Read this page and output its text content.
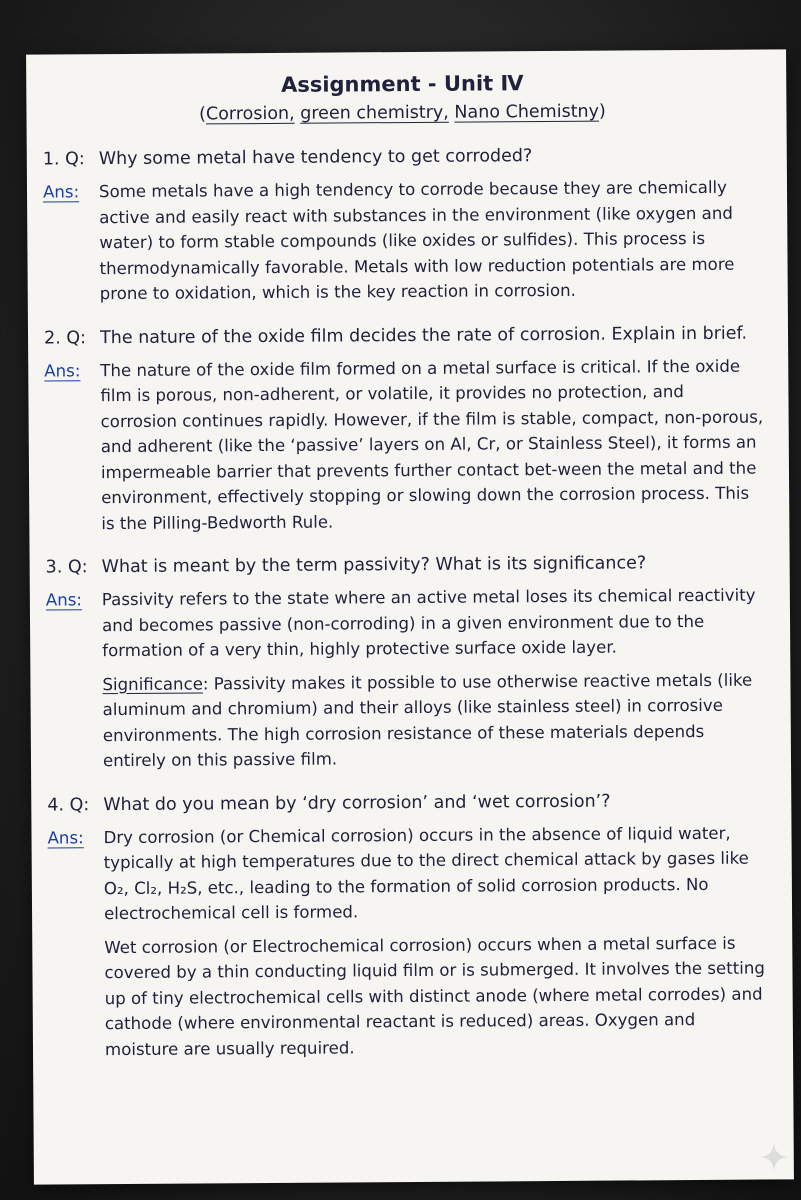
Assignment - Unit Ⅳ
(Corrosion, green chemistry, Nano Chemistny)
1. Q: Why some metal have tendency to get corroded?
Ans:	Some metals have a high tendency to corrode because they are chemically active and easily react with substances in the environment (like oxygen and water) to form stable compounds (like oxides or sulfides). This process is thermodynamically favorable. Metals with low reduction potentials are more prone to oxidation, which is the key reaction in corrosion.

2. Q: The nature of the oxide film decides the rate of corrosion. Explain in brief.
Ans:	The nature of the oxide film formed on a metal surface is critical. If the oxide film is porous, non-adherent, or volatile, it provides no protection, and corrosion continues rapidly. However, if the film is stable, compact, non-porous, and adherent (like the ‘passive’ layers on Al, Cr, or Stainless Steel), it forms an impermeable barrier that prevents further contact bet-ween the metal and the environment, effectively stopping or slowing down the corrosion process. This is the Pilling-Bedworth Rule.

3. Q: What is meant by the term passivity? What is its significance?
Ans:	Passivity refers to the state where an active metal loses its chemical reactivity and becomes passive (non-corroding) in a given environment due to the formation of a very thin, highly protective surface oxide layer.

Significance: Passivity makes it possible to use otherwise reactive metals (like aluminum and chromium) and their alloys (like stainless steel) in corrosive environments. The high corrosion resistance of these materials depends entirely on this passive film.

4. Q: What do you mean by ‘dry corrosion’ and ‘wet corrosion’?
Ans:	Dry corrosion (or Chemical corrosion) occurs in the absence of liquid water, typically at high temperatures due to the direct chemical attack by gases like O₂, Cl₂, H₂S, etc., leading to the formation of solid corrosion products. No electrochemical cell is formed.

Wet corrosion (or Electrochemical corrosion) occurs when a metal surface is covered by a thin conducting liquid film or is submerged. It involves the setting up of tiny electrochemical cells with distinct anode (where metal corrodes) and cathode (where environmental reactant is reduced) areas. Oxygen and moisture are usually required.
